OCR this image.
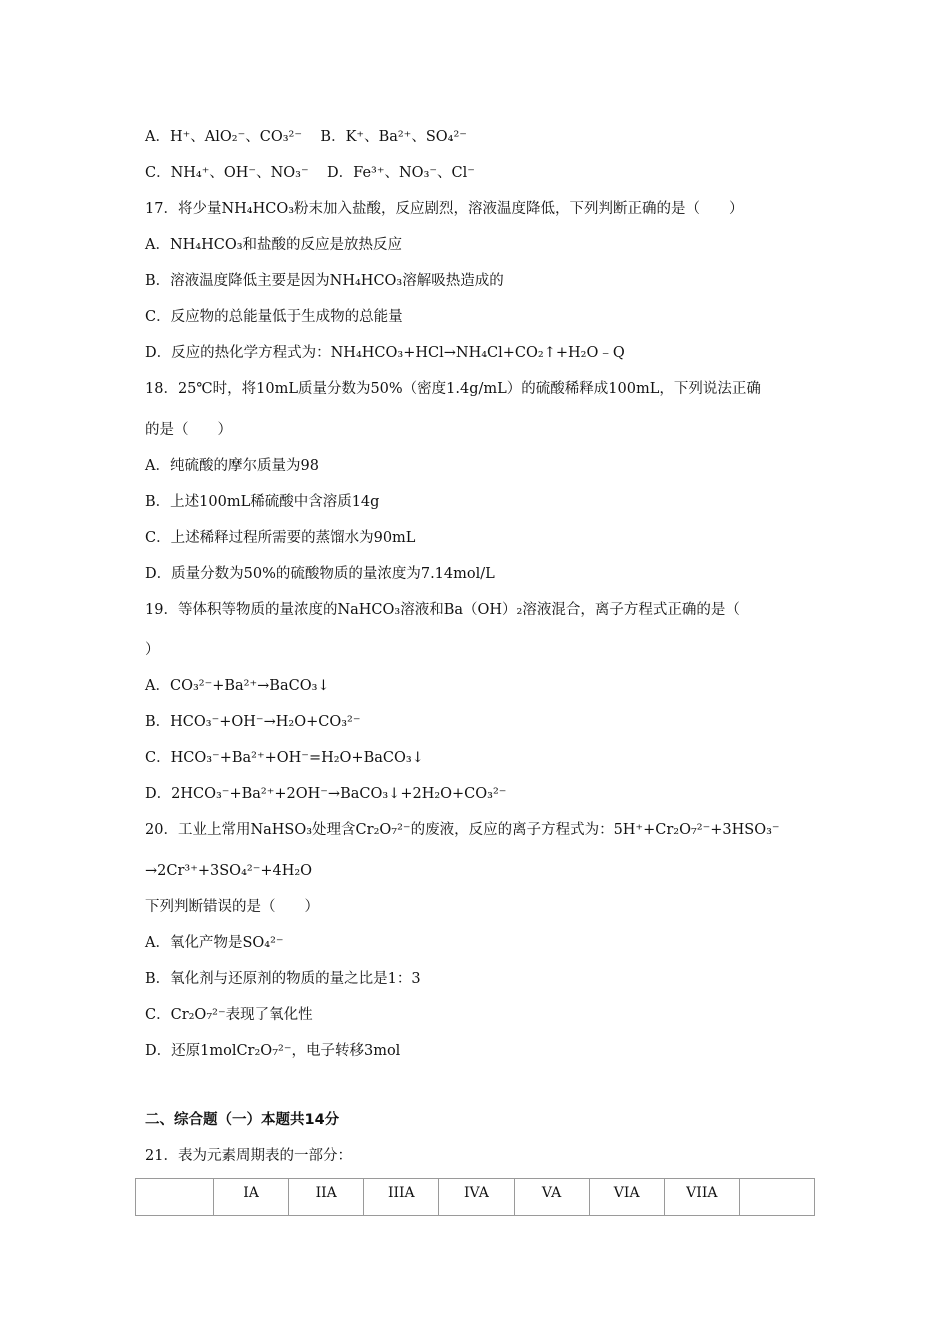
A．H⁺、AlO₂⁻、CO₃²⁻    B．K⁺、Ba²⁺、SO₄²⁻
C．NH₄⁺、OH⁻、NO₃⁻    D．Fe³⁺、NO₃⁻、Cl⁻
17．将少量NH₄HCO₃粉末加入盐酸，反应剧烈，溶液温度降低，下列判断正确的是（　　）
A．NH₄HCO₃和盐酸的反应是放热反应
B．溶液温度降低主要是因为NH₄HCO₃溶解吸热造成的
C．反应物的总能量低于生成物的总能量
D．反应的热化学方程式为：NH₄HCO₃+HCl→NH₄Cl+CO₂↑+H₂O﹣Q
18．25℃时，将10mL质量分数为50%（密度1.4g/mL）的硫酸稀释成100mL，下列说法正确
的是（　　）
A．纯硫酸的摩尔质量为98
B．上述100mL稀硫酸中含溶质14g
C．上述稀释过程所需要的蒸馏水为90mL
D．质量分数为50%的硫酸物质的量浓度为7.14mol/L
19．等体积等物质的量浓度的NaHCO₃溶液和Ba（OH）₂溶液混合，离子方程式正确的是（
）
A．CO₃²⁻+Ba²⁺→BaCO₃↓
B．HCO₃⁻+OH⁻→H₂O+CO₃²⁻
C．HCO₃⁻+Ba²⁺+OH⁻=H₂O+BaCO₃↓
D．2HCO₃⁻+Ba²⁺+2OH⁻→BaCO₃↓+2H₂O+CO₃²⁻
20．工业上常用NaHSO₃处理含Cr₂O₇²⁻的废液，反应的离子方程式为：5H⁺+Cr₂O₇²⁻+3HSO₃⁻
→2Cr³⁺+3SO₄²⁻+4H₂O
下列判断错误的是（　　）
A．氧化产物是SO₄²⁻
B．氧化剂与还原剂的物质的量之比是1：3
C．Cr₂O₇²⁻表现了氧化性
D．还原1molCr₂O₇²⁻，电子转移3mol
二、综合题（一）本题共14分
21．表为元素周期表的一部分：
	IA	IIA	IIIA	IVA	VA	VIA	VIIA	
